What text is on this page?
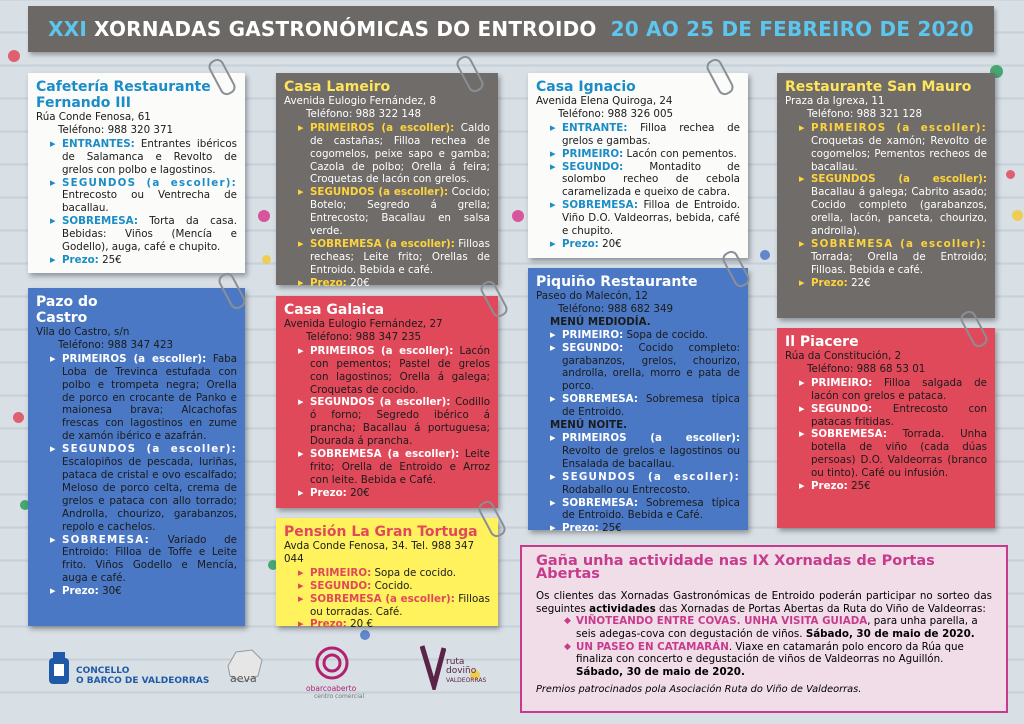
XXI XORNADAS GASTRONÓMICAS DO ENTROIDO 20 AO 25 DE FEBREIRO DE 2020
Cafetería Restaurante Fernando III

Rúa Conde Fenosa, 61

Teléfono: 988 320 371

▸ ENTRANTES: Entrantes ibéricos de Salamanca e Revolto de grelos con polbo e lagostinos.
▸ SEGUNDOS (a escoller): Entrecosto ou Ventrecha de bacallau.
▸ SOBREMESA: Torta da casa. Bebidas: Viños (Mencía e Godello), auga, café e chupito.
▸ Prezo: 25€
Casa Lameiro

Avenida Eulogio Fernández, 8

Teléfono: 988 322 148

▸ PRIMEIROS (a escoller): Caldo de castañas; Filloa rechea de cogomelos, peixe sapo e gamba; Cazola de polbo; Orella á feira; Croquetas de lacón con grelos.
▸ SEGUNDOS (a escoller): Cocido; Botelo; Segredo á grella; Entrecosto; Bacallau en salsa verde.
▸ SOBREMESA (a escoller): Filloas recheas; Leite frito; Orellas de Entroido. Bebida e café.
▸ Prezo: 20€
Casa Ignacio

Avenida Elena Quiroga, 24

Teléfono: 988 326 005

▸ ENTRANTE: Filloa rechea de grelos e gambas.
▸ PRIMEIRO: Lacón con pementos.
▸ SEGUNDO: Montadito de solombo recheo de cebola caramelizada e queixo de cabra.
▸ SOBREMESA: Filloa de Entroido. Viño D.O. Valdeorras, bebida, café e chupito.
▸ Prezo: 20€
Restaurante San Mauro

Praza da Igrexa, 11

Teléfono: 988 321 128

▸ PRIMEIROS (a escoller): Croquetas de xamón; Revolto de cogomelos; Pementos recheos de bacallau.
▸ SEGUNDOS (a escoller): Bacallau á galega; Cabrito asado; Cocido completo (garabanzos, orella, lacón, panceta, chourizo, androlla).
▸ SOBREMESA (a escoller): Torrada; Orella de Entroido; Filloas. Bebida e café.
▸ Prezo: 22€
Pazo do Castro

Vila do Castro, s/n

Teléfono: 988 347 423

▸ PRIMEIROS (a escoller): Faba Loba de Trevinca estufada con polbo e trompeta negra; Orella de porco en crocante de Panko e maionesa brava; Alcachofas frescas con lagostinos en zume de xamón ibérico e azafrán.
▸ SEGUNDOS (a escoller): Escalopiños de pescada, luriñas, pataca de cristal e ovo escalfado; Meloso de porco celta, crema de grelos e pataca con allo torrado; Androlla, chourizo, garabanzos, repolo e cachelos.
▸ SOBREMESA: Variado de Entroido: Filloa de Toffe e Leite frito. Viños Godello e Mencía, auga e café.
▸ Prezo: 30€
Casa Galaica

Avenida Eulogio Fernández, 27

Teléfono: 988 347 235

▸ PRIMEIROS (a escoller): Lacón con pementos; Pastel de grelos con lagostinos; Orella á galega; Croquetas de cocido.
▸ SEGUNDOS (a escoller): Codillo ó forno; Segredo ibérico á prancha; Bacallau á portuguesa; Dourada á prancha.
▸ SOBREMESA (a escoller): Leite frito; Orella de Entroido e Arroz con leite. Bebida e Café.
▸ Prezo: 20€
Piquiño Restaurante

Paseo do Malecón, 12

Teléfono: 988 682 349

MENÚ MEDIODÍA.
▸ PRIMEIRO: Sopa de cocido.
▸ SEGUNDO: Cocido completo: garabanzos, grelos, chourizo, androlla, orella, morro e pata de porco.
▸ SOBREMESA: Sobremesa típica de Entroido.
MENÚ NOITE.
▸ PRIMEIROS (a escoller): Revolto de grelos e lagostinos ou Ensalada de bacallau.
▸ SEGUNDOS (a escoller): Rodaballo ou Entrecosto.
▸ SOBREMESA: Sobremesa típica de Entroido. Bebida e Café.
▸ Prezo: 25€
Il Piacere

Rúa da Constitución, 2

Teléfono: 988 68 53 01

▸ PRIMEIRO: Filloa salgada de lacón con grelos e pataca.
▸ SEGUNDO: Entrecosto con patacas fritidas.
▸ SOBREMESA: Torrada. Unha botella de viño (cada dúas persoas) D.O. Valdeorras (branco ou tinto). Café ou infusión.
▸ Prezo: 25€
Pensión La Gran Tortuga

Avda Conde Fenosa, 34. Tel. 988 347 044

▸ PRIMEIRO: Sopa de cocido.
▸ SEGUNDO: Cocido.
▸ SOBREMESA (a escoller): Filloas ou torradas. Café.
▸ Prezo: 20 €
Gaña unha actividade nas IX Xornadas de Portas Abertas

Os clientes das Xornadas Gastronómicas de Entroido poderán participar no sorteo das seguintes actividades das Xornadas de Portas Abertas da Ruta do Viño de Valdeorras:

◆ VIÑOTEANDO ENTRE COVAS. UNHA VISITA GUIADA, para unha parella, a seis adegas-cova con degustación de viños. Sábado, 30 de maio de 2020.
◆ UN PASEO EN CATAMARÁN. Viaxe en catamarán polo encoro da Rúa que finaliza con concerto e degustación de viños de Valdeorras no Aguillón. Sábado, 30 de maio de 2020.

Premios patrocinados pola Asociación Ruta do Viño de Valdeorras.

CONCELLO
O BARCO DE VALDEORRAS aeva
obarcoaberto
centro comercial
ruta
doviño
VALDEORRAS
